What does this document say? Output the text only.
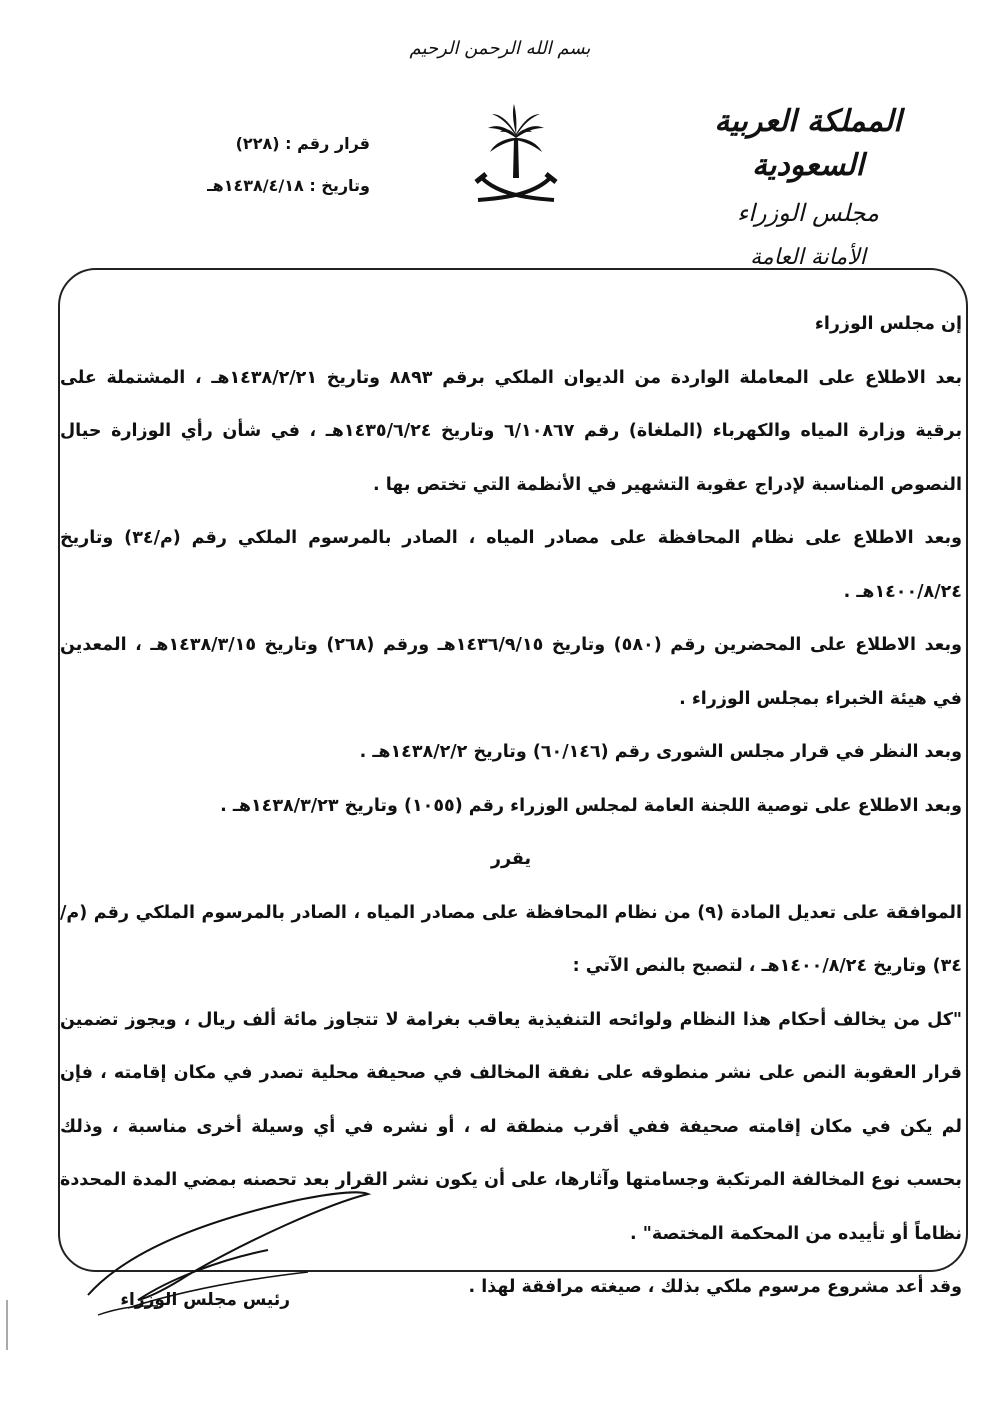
بسم الله الرحمن الرحيم
المملكة العربية السعودية
مجلس الوزراء
الأمانة العامة
قرار رقم : (٢٢٨)
وتاريخ : ١٤٣٨/٤/١٨هـ
إن مجلس الوزراء
بعد الاطلاع على المعاملة الواردة من الديوان الملكي برقم ٨٨٩٣ وتاريخ ١٤٣٨/٢/٢١هـ ، المشتملة على برقية وزارة المياه والكهرباء (الملغاة) رقم ٦/١٠٨٦٧ وتاريخ ١٤٣٥/٦/٢٤هـ ، في شأن رأي الوزارة حيال النصوص المناسبة لإدراج عقوبة التشهير في الأنظمة التي تختص بها .
وبعد الاطلاع على نظام المحافظة على مصادر المياه ، الصادر بالمرسوم الملكي رقم (م/٣٤) وتاريخ ١٤٠٠/٨/٢٤هـ .
وبعد الاطلاع على المحضرين رقم (٥٨٠) وتاريخ ١٤٣٦/٩/١٥هـ ورقم (٢٦٨) وتاريخ ١٤٣٨/٣/١٥هـ ، المعدين في هيئة الخبراء بمجلس الوزراء .
وبعد النظر في قرار مجلس الشورى رقم (٦٠/١٤٦) وتاريخ ١٤٣٨/٢/٢هـ .
وبعد الاطلاع على توصية اللجنة العامة لمجلس الوزراء رقم (١٠٥٥) وتاريخ ١٤٣٨/٣/٢٣هـ .
يقرر
الموافقة على تعديل المادة (٩) من نظام المحافظة على مصادر المياه ، الصادر بالمرسوم الملكي رقم (م/٣٤) وتاريخ ١٤٠٠/٨/٢٤هـ ، لتصبح بالنص الآتي :
"كل من يخالف أحكام هذا النظام ولوائحه التنفيذية يعاقب بغرامة لا تتجاوز مائة ألف ريال ، ويجوز تضمين قرار العقوبة النص على نشر منطوقه على نفقة المخالف في صحيفة محلية تصدر في مكان إقامته ، فإن لم يكن في مكان إقامته صحيفة ففي أقرب منطقة له ، أو نشره في أي وسيلة أخرى مناسبة ، وذلك بحسب نوع المخالفة المرتكبة وجسامتها وآثارها، على أن يكون نشر القرار بعد تحصنه بمضي المدة المحددة نظاماً أو تأييده من المحكمة المختصة" .
وقد أعد مشروع مرسوم ملكي بذلك ، صيغته مرافقة لهذا .
رئيس مجلس الوزراء
